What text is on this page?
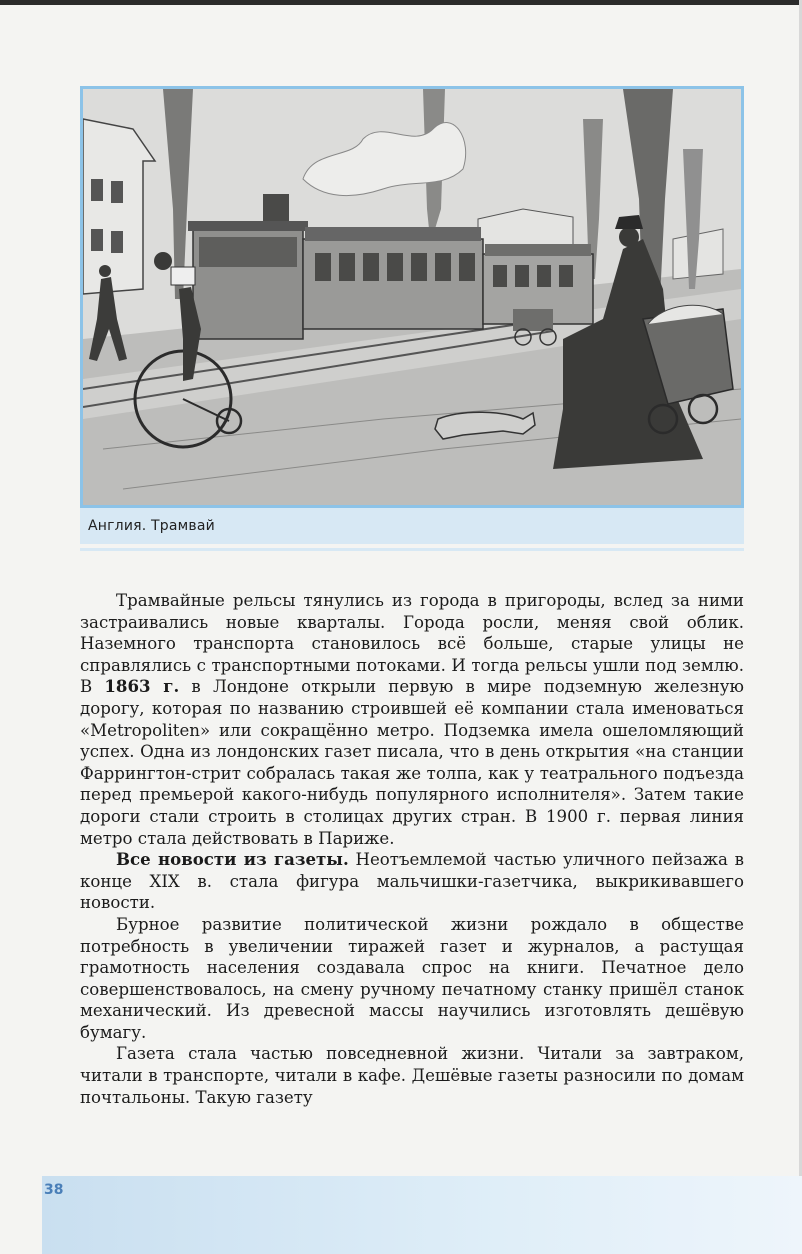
Англия. Трамвай

Трамвайные рельсы тянулись из города в пригороды, вслед за ними застраивались новые кварталы. Города росли, меняя свой облик. Наземного транспорта становилось всё больше, старые улицы не справлялись с транспортными потоками. И тогда рельсы ушли под землю. В 1863 г. в Лондоне открыли первую в мире подземную железную дорогу, которая по названию строившей её компании стала именоваться «Metropoliten» или сокращённо метро. Подземка имела ошеломляющий успех. Одна из лондонских газет писала, что в день открытия «на станции Фаррингтон-стрит собралась такая же толпа, как у театрального подъезда перед премьерой какого-нибудь популярного исполнителя». Затем такие дороги стали строить в столицах других стран. В 1900 г. первая линия метро стала действовать в Париже.

Все новости из газеты. Неотъемлемой частью уличного пейзажа в конце XIX в. стала фигура мальчишки-газетчика, выкрикивавшего новости.

Бурное развитие политической жизни рождало в обществе потребность в увеличении тиражей газет и журналов, а растущая грамотность населения создавала спрос на книги. Печатное дело совершенствовалось, на смену ручному печатному станку пришёл станок механический. Из древесной массы научились изготовлять дешёвую бумагу.

Газета стала частью повседневной жизни. Читали за завтраком, читали в транспорте, читали в кафе. Дешёвые газеты разносили по домам почтальоны. Такую газету

38
